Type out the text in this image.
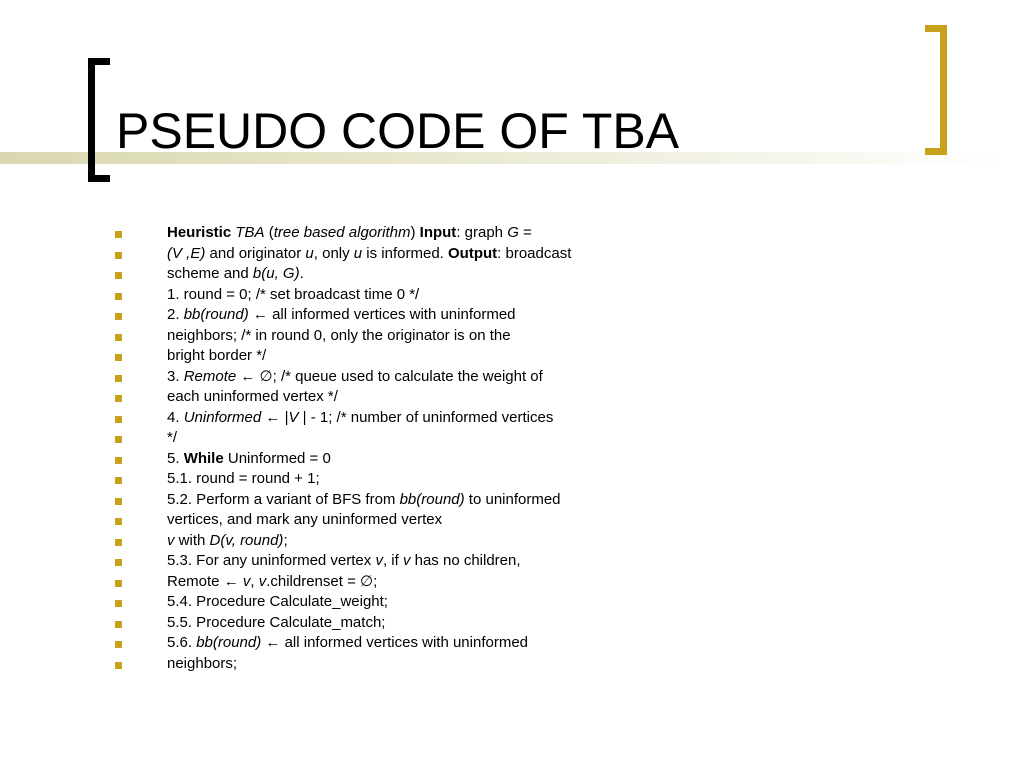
PSEUDO CODE OF TBA
Heuristic TBA (tree based algorithm) Input: graph G =
(V ,E) and originator u, only u is informed. Output: broadcast
scheme and b(u, G).
1. round = 0; /* set broadcast time 0 */
2. bb(round) ← all informed vertices with uninformed
neighbors; /* in round 0, only the originator is on the
bright border */
3. Remote ← ∅; /* queue used to calculate the weight of
each uninformed vertex */
4. Uninformed ← |V | - 1; /* number of uninformed vertices
*/
5. While Uninformed = 0
5.1. round = round + 1;
5.2. Perform a variant of BFS from bb(round) to uninformed
vertices, and mark any uninformed vertex
v with D(v, round);
5.3. For any uninformed vertex v, if v has no children,
Remote ← v, v.childrenset = ∅;
5.4. Procedure Calculate_weight;
5.5. Procedure Calculate_match;
5.6. bb(round) ← all informed vertices with uninformed
neighbors;
